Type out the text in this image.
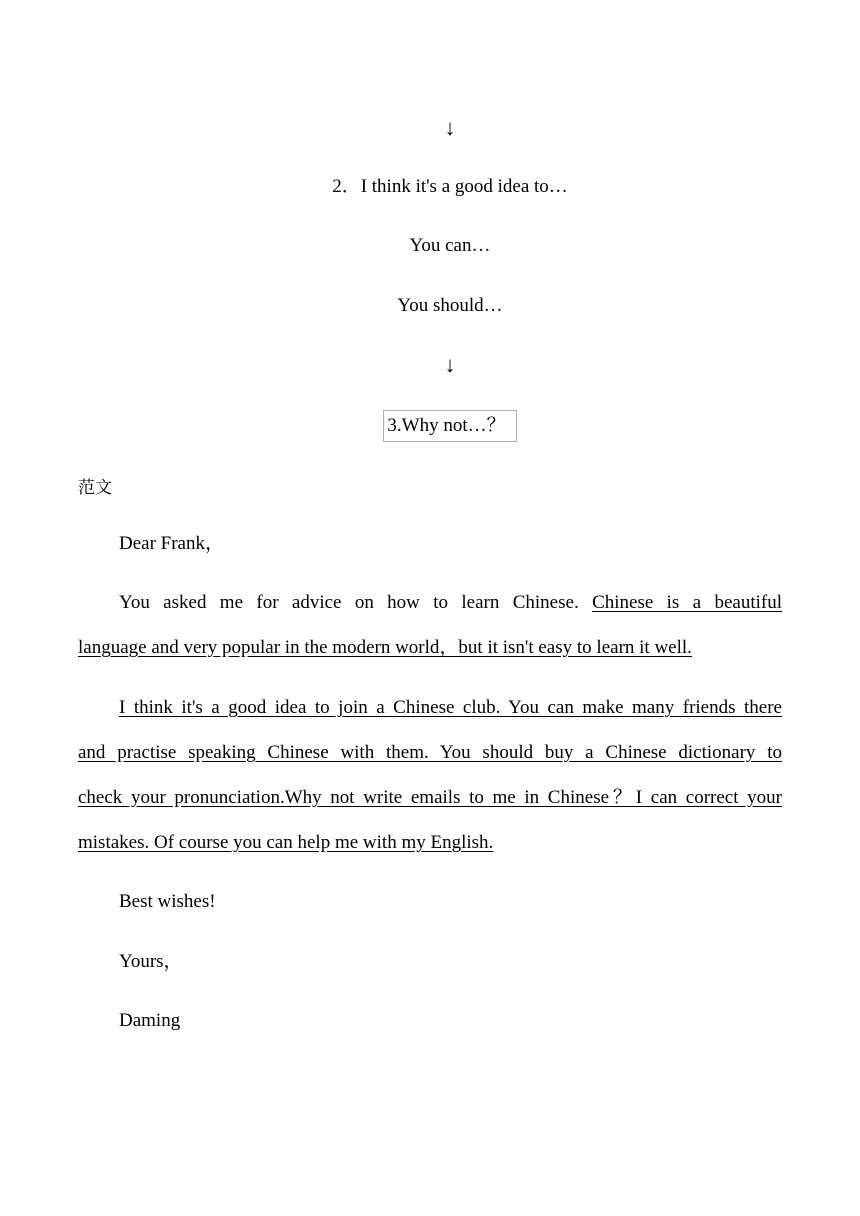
↓
2．I think it's a good idea to…
You can…
You should…
↓
3.Why not…？
范文
Dear Frank，
You asked me for advice on how to learn Chinese. Chinese is a beautiful
language and very popular in the modern world，but it isn't easy to learn it well.
I think it's a good idea to join a Chinese club. You can make many friends there
and practise speaking Chinese with them. You should buy a Chinese dictionary to
check your pronunciation.Why not write emails to me in Chinese？I can correct your
mistakes. Of course you can help me with my English.
Best wishes!
Yours，
Daming
